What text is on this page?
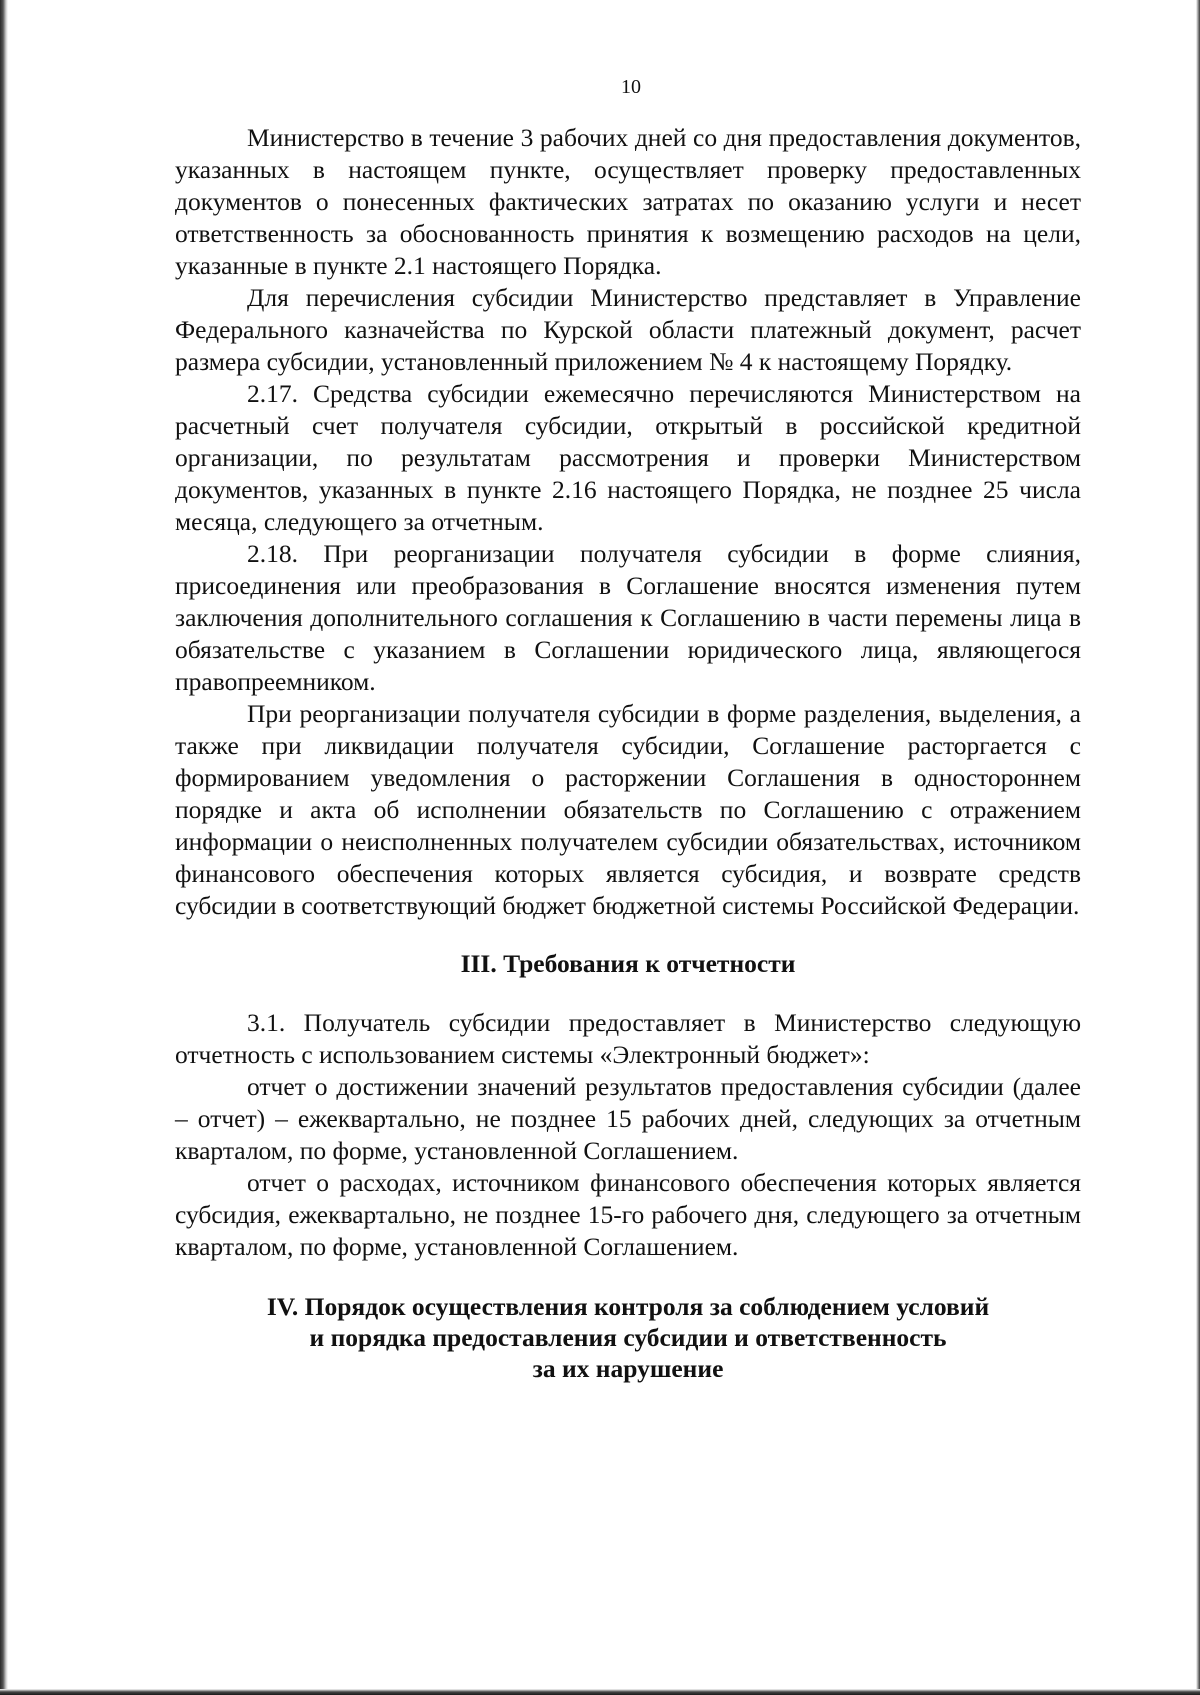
10

Министерство в течение 3 рабочих дней со дня предоставления документов, указанных в настоящем пункте, осуществляет проверку предоставленных документов о понесенных фактических затратах по оказанию услуги и несет ответственность за обоснованность принятия к возмещению расходов на цели, указанные в пункте 2.1 настоящего Порядка.

Для перечисления субсидии Министерство представляет в Управление Федерального казначейства по Курской области платежный документ, расчет размера субсидии, установленный приложением № 4 к настоящему Порядку.

2.17. Средства субсидии ежемесячно перечисляются Министерством на расчетный счет получателя субсидии, открытый в российской кредитной организации, по результатам рассмотрения и проверки Министерством документов, указанных в пункте 2.16 настоящего Порядка, не позднее 25 числа месяца, следующего за отчетным.

2.18. При реорганизации получателя субсидии в форме слияния, присоединения или преобразования в Соглашение вносятся изменения путем заключения дополнительного соглашения к Соглашению в части перемены лица в обязательстве с указанием в Соглашении юридического лица, являющегося правопреемником.

При реорганизации получателя субсидии в форме разделения, выделения, а также при ликвидации получателя субсидии, Соглашение расторгается с формированием уведомления о расторжении Соглашения в одностороннем порядке и акта об исполнении обязательств по Соглашению с отражением информации о неисполненных получателем субсидии обязательствах, источником финансового обеспечения которых является субсидия, и возврате средств субсидии в соответствующий бюджет бюджетной системы Российской Федерации.

III. Требования к отчетности

3.1. Получатель субсидии предоставляет в Министерство следующую отчетность с использованием системы «Электронный бюджет»:

отчет о достижении значений результатов предоставления субсидии (далее – отчет) – ежеквартально, не позднее 15 рабочих дней, следующих за отчетным кварталом, по форме, установленной Соглашением.

отчет о расходах, источником финансового обеспечения которых является субсидия, ежеквартально, не позднее 15-го рабочего дня, следующего за отчетным кварталом, по форме, установленной Соглашением.

IV. Порядок осуществления контроля за соблюдением условий
и порядка предоставления субсидии и ответственность
за их нарушение
